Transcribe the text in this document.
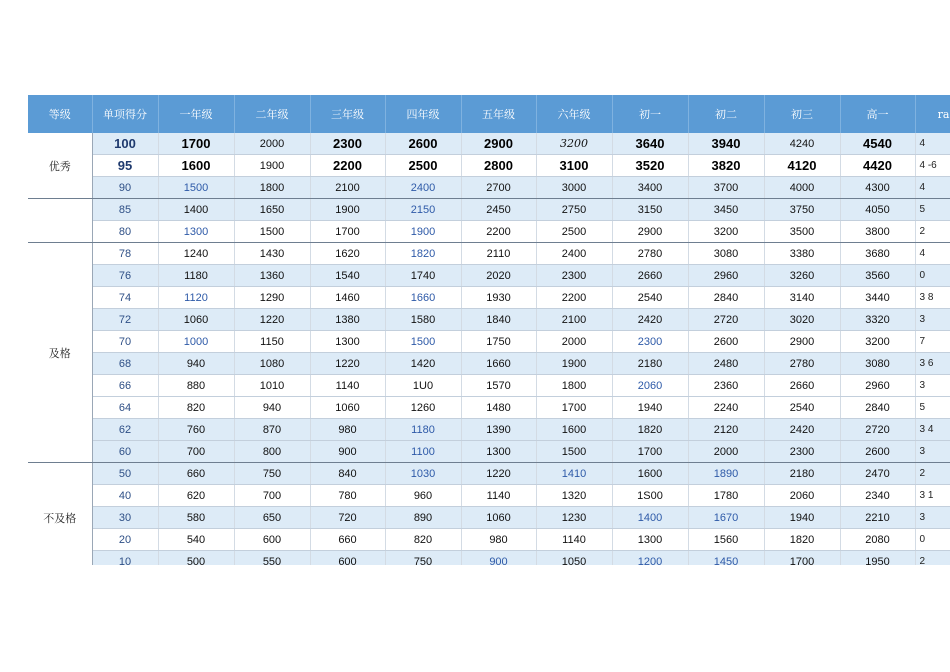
等级	单项得分	一年级	二年级	三年级	四年级	五年级	六年级	初一	初二	初三	高一	ra
优秀	100	1700	2000	2300	2600	2900	3200	3640	3940	4240	4540	4
	95	1600	1900	2200	2500	2800	3100	3520	3820	4120	4420	4 -6
	90	1500	1800	2100	2400	2700	3000	3400	3700	4000	4300	4
	85	1400	1650	1900	2150	2450	2750	3150	3450	3750	4050	5
	80	1300	1500	1700	1900	2200	2500	2900	3200	3500	3800	2
及格	78	1240	1430	1620	1820	2110	2400	2780	3080	3380	3680	4
	76	1180	1360	1540	1740	2020	2300	2660	2960	3260	3560	0
	74	1120	1290	1460	1660	1930	2200	2540	2840	3140	3440	3 8
	72	1060	1220	1380	1580	1840	2100	2420	2720	3020	3320	3
	70	1000	1150	1300	1500	1750	2000	2300	2600	2900	3200	7
	68	940	1080	1220	1420	1660	1900	2180	2480	2780	3080	3 6
	66	880	1010	1140	1U0	1570	1800	2060	2360	2660	2960	3
	64	820	940	1060	1260	1480	1700	1940	2240	2540	2840	5
	62	760	870	980	1180	1390	1600	1820	2120	2420	2720	3 4
	60	700	800	900	1100	1300	1500	1700	2000	2300	2600	3
不及格	50	660	750	840	1030	1220	1410	1600	1890	2180	2470	2
	40	620	700	780	960	1140	1320	1S00	1780	2060	2340	3 1
	30	580	650	720	890	1060	1230	1400	1670	1940	2210	3
	20	540	600	660	820	980	1140	1300	1560	1820	2080	0
	10	500	550	600	750	900	1050	1200	1450	1700	1950	2
